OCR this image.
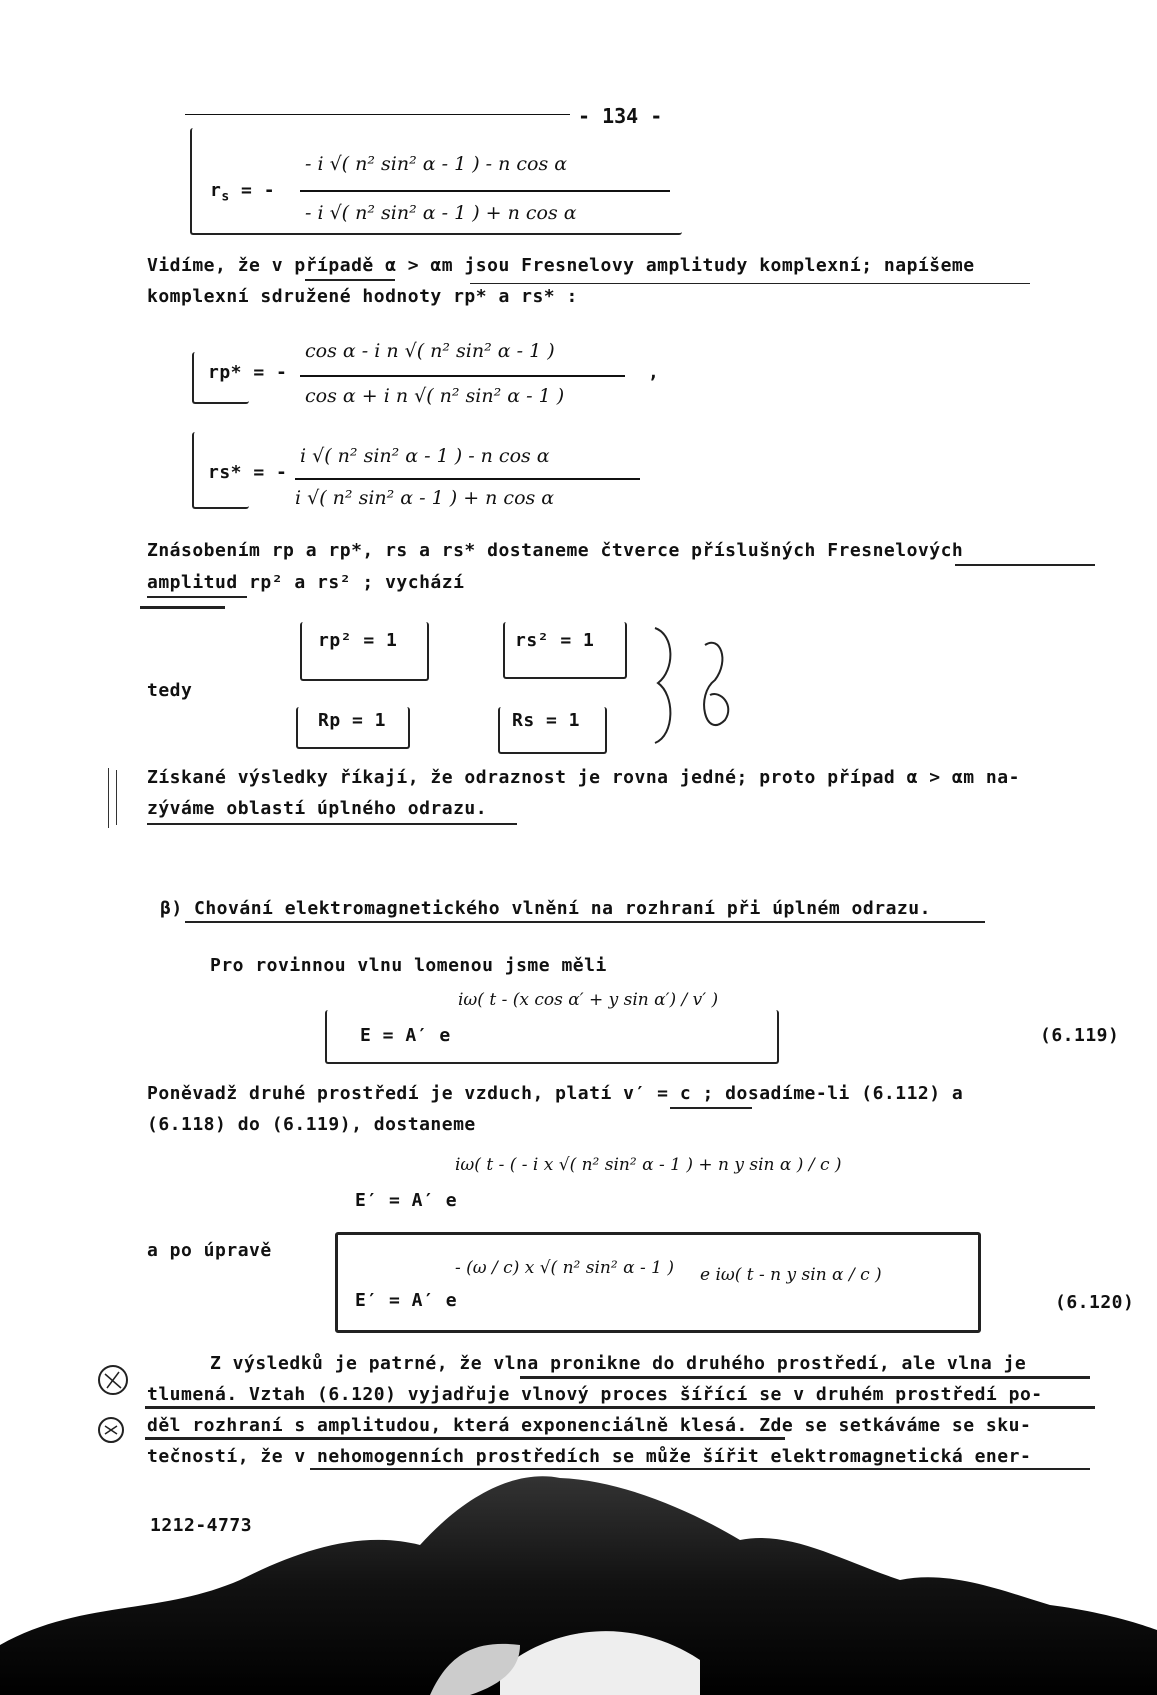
- 134 -
$r_s$ = -
- i √( n² sin² α - 1 ) - n cos α
- i √( n² sin² α - 1 ) + n cos α
Vidíme, že v případě α > αm jsou Fresnelovy amplitudy komplexní; napíšeme
komplexní sdružené hodnoty rp* a rs* :
rp* = -
cos α - i n √( n² sin² α - 1 )
cos α + i n √( n² sin² α - 1 )
,
rs* = -
i √( n² sin² α - 1 ) - n cos α
i √( n² sin² α - 1 ) + n cos α
Znásobením rp a rp*, rs a rs* dostaneme čtverce příslušných Fresnelových
amplitud rp² a rs² ; vychází
rp² = 1	rs² = 1
tedy
Rp = 1	Rs = 1
Získané výsledky říkají, že odraznost je rovna jedné; proto případ α > αm na-
zýváme oblastí úplného odrazu.
β) Chování elektromagnetického vlnění na rozhraní při úplném odrazu.
Pro rovinnou vlnu lomenou jsme měli
E = A′ e
iω( t - (x cos α′ + y sin α′) / v′ )
(6.119)
Poněvadž druhé prostředí je vzduch, platí v′ = c ; dosadíme-li (6.112) a
(6.118) do (6.119), dostaneme
E′ = A′ e
iω( t - ( - i x √( n² sin² α - 1 ) + n y sin α ) / c )
a po úpravě
E′ = A′ e
- (ω / c) x √( n² sin² α - 1 ) e iω( t - n y sin α / c )
(6.120)
Z výsledků je patrné, že vlna pronikne do druhého prostředí, ale vlna je
tlumená. Vztah (6.120) vyjadřuje vlnový proces šířící se v druhém prostředí po-
děl rozhraní s amplitudou, která exponenciálně klesá. Zde se setkáváme se sku-
tečností, že v nehomogenních prostředích se může šířit elektromagnetická ener-
1212-4773
